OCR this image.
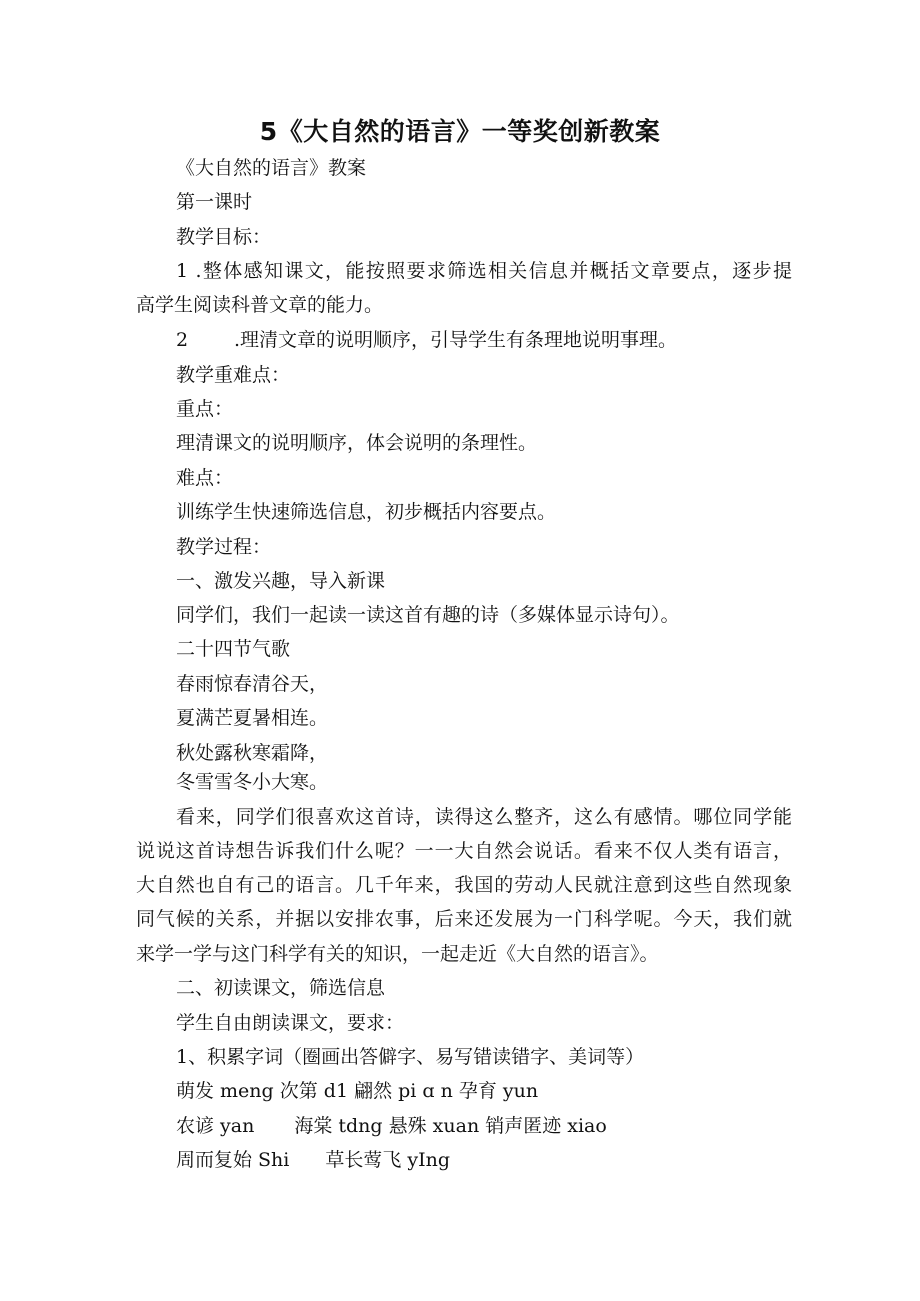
5《大自然的语言》一等奖创新教案
《大自然的语言》教案
第一课时
教学目标：
1 .整体感知课文，能按照要求筛选相关信息并概括文章要点，逐步提
高学生阅读科普文章的能力。
2 .理清文章的说明顺序，引导学生有条理地说明事理。
教学重难点：
重点：
理清课文的说明顺序，体会说明的条理性。
难点：
训练学生快速筛选信息，初步概括内容要点。
教学过程：
一、激发兴趣，导入新课
同学们，我们一起读一读这首有趣的诗（多媒体显示诗句）。
二十四节气歌
春雨惊春清谷天，
夏满芒夏暑相连。
秋处露秋寒霜降，
冬雪雪冬小大寒。
看来，同学们很喜欢这首诗，读得这么整齐，这么有感情。哪位同学能
说说这首诗想告诉我们什么呢？一一大自然会说话。看来不仅人类有语言，
大自然也自有己的语言。几千年来，我国的劳动人民就注意到这些自然现象
同气候的关系，并据以安排农事，后来还发展为一门科学呢。今天，我们就
来学一学与这门科学有关的知识，一起走近《大自然的语言》。
二、初读课文，筛选信息
学生自由朗读课文，要求：
1、积累字词（圈画出答僻字、易写错读错字、美词等）
萌发 meng 次第 d1 翩然 pi ɑ n 孕育 yun
农谚 yan 海棠 tdng 悬殊 xuan 销声匿迹 xiao
周而复始 Shi 草长莺飞 yIng
